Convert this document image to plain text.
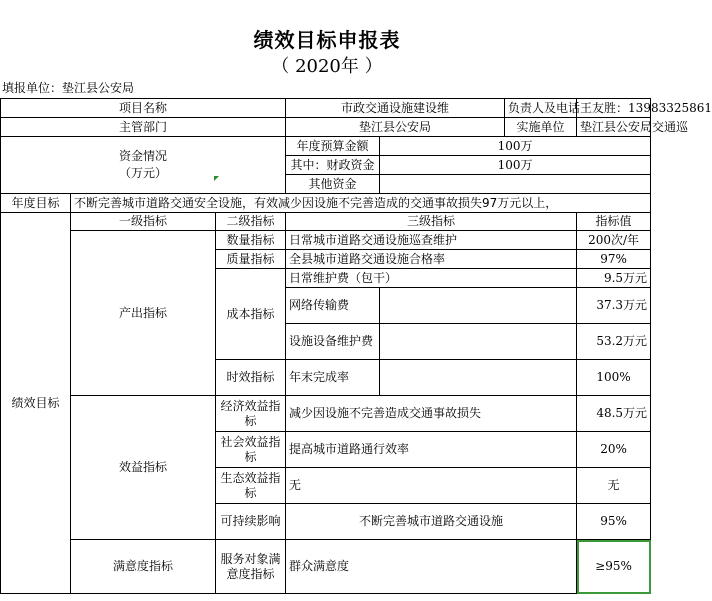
绩效目标申报表
（ 2020年 ）
填报单位：垫江县公安局
项目名称			市政交通设施建设维		负责人及电话	王友胜：13983325861
主管部门			垫江县公安局		实施单位	垫江县公安局交通巡
资金情况
（万元）			年度预算金额	100万		
			其中：财政资金	100万		
			其他资金			
年度目标	不断完善城市道路交通安全设施，有效减少因设施不完善造成的交通事故损失97万元以上，					
绩效目标	一级指标	二级指标	三级指标			指标值
	产出指标	数量指标	日常城市道路交通设施巡查维护			200次/年
		质量指标	全县城市道路交通设施合格率			97%
		成本指标	日常维护费（包干）			9.5万元
			网络传输费			37.3万元
			设施设备维护费			53.2万元
		时效指标	年末完成率			100%

	效益指标	经济效益指标	减少因设施不完善造成交通事故损失			48.5万元
		社会效益指标	提高城市道路通行效率			20%
		生态效益指标	无			无
		可持续影响	不断完善城市道路交通设施			95%
	满意度指标	服务对象满意度指标	群众满意度			≥95%
